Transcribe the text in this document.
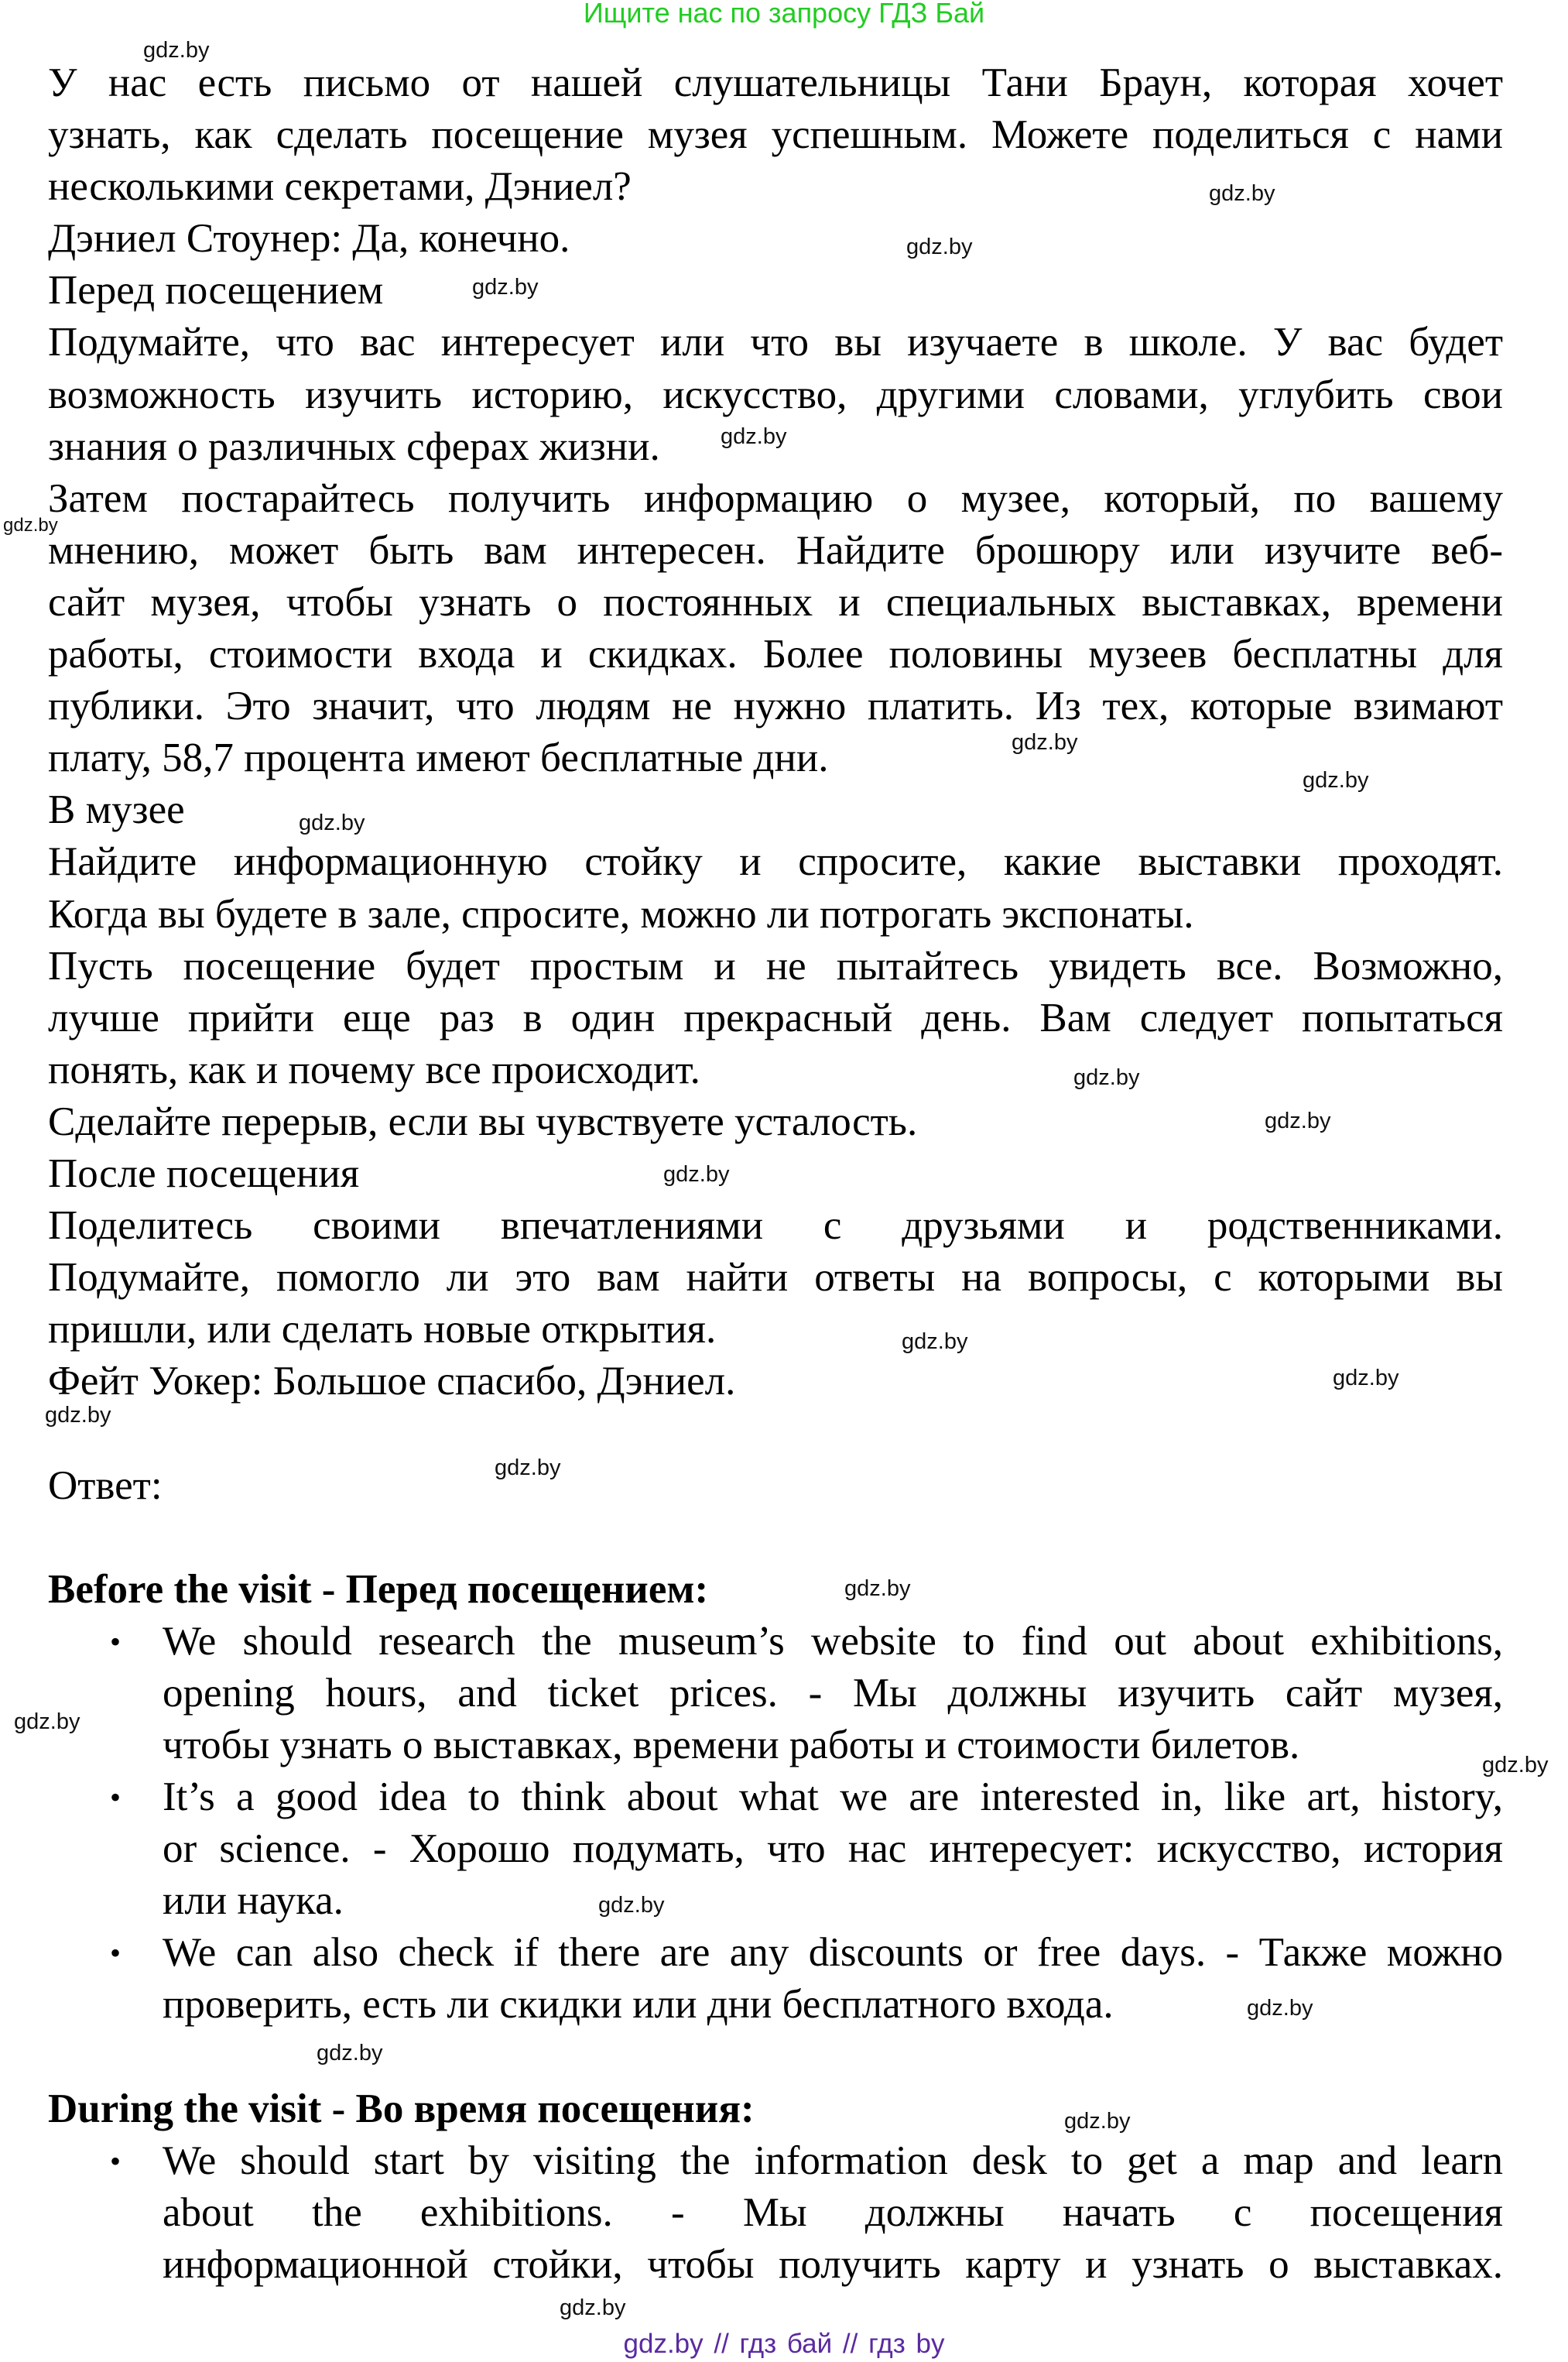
Ищите нас по запросу ГДЗ Бай
У нас есть письмо от нашей слушательницы Тани Браун, которая хочет
узнать, как сделать посещение музея успешным. Можете поделиться с нами
несколькими секретами, Дэниел?
Дэниел Стоунер: Да, конечно.
Перед посещением
Подумайте, что вас интересует или что вы изучаете в школе. У вас будет
возможность изучить историю, искусство, другими словами, углубить свои
знания о различных сферах жизни.
Затем постарайтесь получить информацию о музее, который, по вашему
мнению, может быть вам интересен. Найдите брошюру или изучите веб-
сайт музея, чтобы узнать о постоянных и специальных выставках, времени
работы, стоимости входа и скидках. Более половины музеев бесплатны для
публики. Это значит, что людям не нужно платить. Из тех, которые взимают
плату, 58,7 процента имеют бесплатные дни.
В музее
Найдите информационную стойку и спросите, какие выставки проходят.
Когда вы будете в зале, спросите, можно ли потрогать экспонаты.
Пусть посещение будет простым и не пытайтесь увидеть все. Возможно,
лучше прийти еще раз в один прекрасный день. Вам следует попытаться
понять, как и почему все происходит.
Сделайте перерыв, если вы чувствуете усталость.
После посещения
Поделитесь своими впечатлениями с друзьями и родственниками.
Подумайте, помогло ли это вам найти ответы на вопросы, с которыми вы
пришли, или сделать новые открытия.
Фейт Уокер: Большое спасибо, Дэниел.
Ответ:
Before the visit - Перед посещением:
• We should research the museum’s website to find out about exhibitions,
opening hours, and ticket prices. - Мы должны изучить сайт музея,
чтобы узнать о выставках, времени работы и стоимости билетов.
• It’s a good idea to think about what we are interested in, like art, history,
or science. - Хорошо подумать, что нас интересует: искусство, история
или наука.
• We can also check if there are any discounts or free days. - Также можно
проверить, есть ли скидки или дни бесплатного входа.
During the visit - Во время посещения:
• We should start by visiting the information desk to get a map and learn
about the exhibitions. - Мы должны начать с посещения
информационной стойки, чтобы получить карту и узнать о выставках.
gdz.by // гдз бай // гдз by
gdz.by
gdz.by
gdz.by
gdz.by
gdz.by
gdz.by
gdz.by
gdz.by
gdz.by
gdz.by
gdz.by
gdz.by
gdz.by
gdz.by
gdz.by
gdz.by
gdz.by
gdz.by
gdz.by
gdz.by
gdz.by
gdz.by
gdz.by
gdz.by
